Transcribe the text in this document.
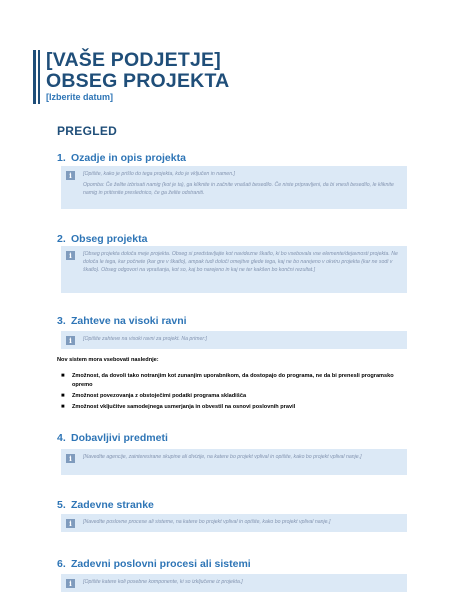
[VAŠE PODJETJE]
OBSEG PROJEKTA
[Izberite datum]
PREGLED
1. Ozadje in opis projekta
i	[Opišite, kako je prišlo do tega projekta, kdo je vključen in namen.]

Opomba: Če želite izbrisati namig (kot je ta), ga kliknite in začnite vnašati besedilo. Če niste pripravljeni, da bi vnesli besedilo, le kliknite namig in pritisnite preslednico, če ga želite odstraniti.

2. Obseg projekta
i	[Obseg projekta določa meje projekta. Obseg si predstavljajte kot navidezne škatlo, ki bo vsebovala vse elemente/dejavnosti projekta. Ne določa le tega, kar počnete (kar gre v škatlo), ampak tudi določi omejitve glede tega, kaj ne bo narejeno v okviru projekta (kar ne sodi v škatlo). Obseg odgovori na vprašanja, kot so, kaj bo narejeno in kaj ne ter kakšen bo končni rezultat.]

3. Zahteve na visoki ravni
i	[Opišite zahteve na visoki ravni za projekt. Na primer:]

Nov sistem mora vsebovati naslednje:
■ Zmožnost, da dovoli tako notranjim kot zunanjim uporabnikom, da dostopajo do programa, ne da bi prenesli programsko opremo
■ Zmožnost povezovanja z obstoječimi podatki programa skladišča
■ Zmožnost vključitve samodejnega usmerjanja in obvestil na osnovi poslovnih pravil
4. Dobavljivi predmeti
i	[Navedite agencije, zainteresirane skupine ali divizije, na katere bo projekt vplival in opišite, kako bo projekt vplival nanje.]

5. Zadevne stranke
i	[Navedite poslovne procese ali sisteme, na katere bo projekt vplival in opišite, kako bo projekt vplival nanje.]

6. Zadevni poslovni procesi ali sistemi
i	[Opišite katere koli posebne komponente, ki so izključene iz projekta.]
